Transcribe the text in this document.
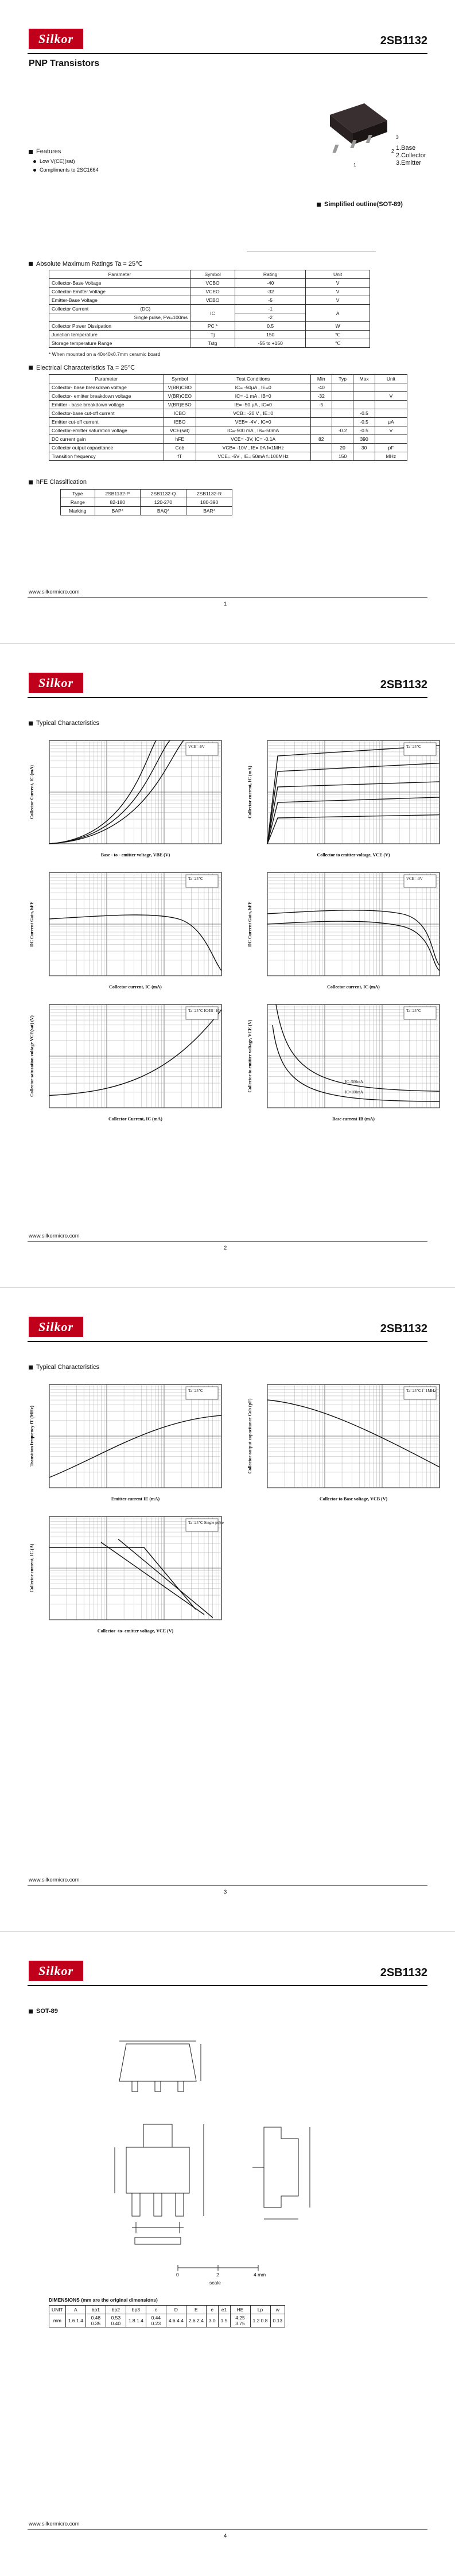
Silkor	2SB1132
PNP Transistors
1
2
3
1.Base
2.Collector
3.Emitter
Simplified outline(SOT-89)
Features
Low V(CE)(sat)
Compliments to 2SC1664
Absolute Maximum Ratings Ta = 25℃
Parameter	Symbol	Rating	Unit
Collector-Base Voltage	VCBO	-40	V
Collector-Emitter Voltage	VCEO	-32	V
Emitter-Base Voltage	VEBO	-5	V
Collector Current (DC)	IC	-1	A
Single pulse, Pw=100ms		-2	
Collector Power Dissipation	PC *	0.5	W
Junction temperature	Tj	150	℃
Storage temperature Range	Tstg	-55 to +150	℃
* When mounted on a 40x40x0.7mm ceramic board
Electrical Characteristics Ta = 25℃
Parameter	Symbol	Test Conditions	Min	Typ	Max	Unit
Collector- base breakdown voltage	V(BR)CBO	IC= -50μA , IE=0	-40			
Collector- emitter breakdown voltage	V(BR)CEO	IC= -1 mA , IB=0	-32			V
Emitter - base breakdown voltage	V(BR)EBO	IE= -50 μA , IC=0	-5			
Collector-base cut-off current	ICBO	VCB= -20 V , IE=0			-0.5	
Emitter cut-off current	IEBO	VEB= -4V , IC=0			-0.5	μA
Collector-emitter saturation voltage	VCE(sat)	IC=-500 mA , IB=-50mA		-0.2	-0.5	V
DC current gain	hFE	VCE= -3V, IC= -0.1A	82		390	
Collector output capacitance	Cob	VCB= -10V , IE= 0A f=1MHz		20	30	pF
Transition frequency	fT	VCE= -5V , IE= 50mA f=100MHz		150		MHz
hFE Classification
Type	2SB1132-P	2SB1132-Q	2SB1132-R
Range	82-180	120-270	180-390
Marking	BAP*	BAQ*	BAR*
www.silkormicro.com
1
Silkor	2SB1132
Typical Characteristics
VCE=-6V
Base - to - emitter voltage, VBE (V)
Collector Current, IC (mA)
Ta=25℃
Collector to emitter voltage, VCE (V)
Collector current, IC (mA)
Ta=25℃
Collector current, IC (mA)
DC Current Gain, hFE
VCE=-3V
Collector current, IC (mA)
DC Current Gain, hFE
Ta=25℃ IC/IB=10
Collector Current, IC (mA)
Collector saturation voltage VCE(sat) (V)
Ta=25℃
IC=500mA
IC=100mA
Base current IB (mA)
Collector to emitter voltage, VCE (V)
www.silkormicro.com
2
Silkor	2SB1132
Typical Characteristics
Ta=25℃
Emitter current IE (mA)
Transition frequency fT (MHz)
Ta=25℃ f=1MHz
Collector to Base voltage, VCB (V)
Collector output capacitance Cob (pF)
Ta=25℃ Single pulse
Collector -to- emitter voltage, VCE (V)
Collector current, IC (A)
www.silkormicro.com
3
Silkor	2SB1132
SOT-89
0	2	4 mm
scale
DIMENSIONS (mm are the original dimensions)
UNIT	A	bp1	bp2	bp3	c	D	E	e	e1	HE	Lp	w
mm	1.6 1.4	0.48 0.35	0.53 0.40	1.8 1.4	0.44 0.23	4.6 4.4	2.6 2.4	3.0	1.5	4.25 3.75	1.2 0.8	0.13
www.silkormicro.com
4
